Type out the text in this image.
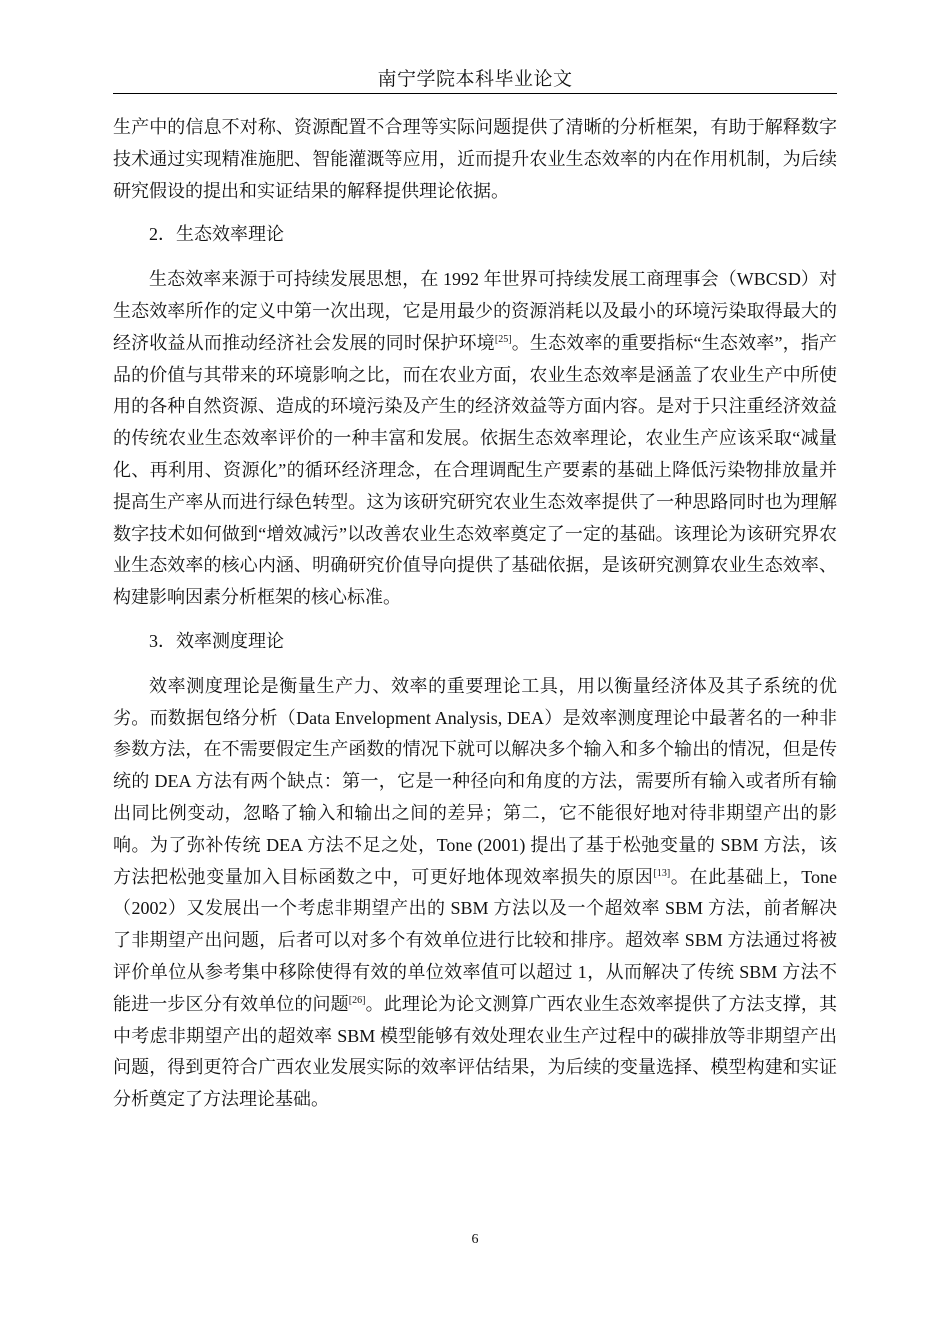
南宁学院本科毕业论文

生产中的信息不对称、资源配置不合理等实际问题提供了清晰的分析框架，有助于解释数字技术通过实现精准施肥、智能灌溉等应用，近而提升农业生态效率的内在作用机制，为后续研究假设的提出和实证结果的解释提供理论依据。

2．生态效率理论

生态效率来源于可持续发展思想，在 1992 年世界可持续发展工商理事会（WBCSD）对生态效率所作的定义中第一次出现，它是用最少的资源消耗以及最小的环境污染取得最大的经济收益从而推动经济社会发展的同时保护环境[25]。生态效率的重要指标“生态效率”，指产品的价值与其带来的环境影响之比，而在农业方面，农业生态效率是涵盖了农业生产中所使用的各种自然资源、造成的环境污染及产生的经济效益等方面内容。是对于只注重经济效益的传统农业生态效率评价的一种丰富和发展。依据生态效率理论，农业生产应该采取“减量化、再利用、资源化”的循环经济理念，在合理调配生产要素的基础上降低污染物排放量并提高生产率从而进行绿色转型。这为该研究研究农业生态效率提供了一种思路同时也为理解数字技术如何做到“增效减污”以改善农业生态效率奠定了一定的基础。该理论为该研究界农业生态效率的核心内涵、明确研究价值导向提供了基础依据，是该研究测算农业生态效率、构建影响因素分析框架的核心标准。

3．效率测度理论

效率测度理论是衡量生产力、效率的重要理论工具，用以衡量经济体及其子系统的优劣。而数据包络分析（Data Envelopment Analysis, DEA）是效率测度理论中最著名的一种非参数方法，在不需要假定生产函数的情况下就可以解决多个输入和多个输出的情况，但是传统的 DEA 方法有两个缺点：第一，它是一种径向和角度的方法，需要所有输入或者所有输出同比例变动，忽略了输入和输出之间的差异；第二，它不能很好地对待非期望产出的影响。为了弥补传统 DEA 方法不足之处，Tone (2001) 提出了基于松弛变量的 SBM 方法，该方法把松弛变量加入目标函数之中，可更好地体现效率损失的原因[13]。在此基础上，Tone（2002）又发展出一个考虑非期望产出的 SBM 方法以及一个超效率 SBM 方法，前者解决了非期望产出问题，后者可以对多个有效单位进行比较和排序。超效率 SBM 方法通过将被评价单位从参考集中移除使得有效的单位效率值可以超过 1，从而解决了传统 SBM 方法不能进一步区分有效单位的问题[26]。此理论为论文测算广西农业生态效率提供了方法支撑，其中考虑非期望产出的超效率 SBM 模型能够有效处理农业生产过程中的碳排放等非期望产出问题，得到更符合广西农业发展实际的效率评估结果，为后续的变量选择、模型构建和实证分析奠定了方法理论基础。

6
